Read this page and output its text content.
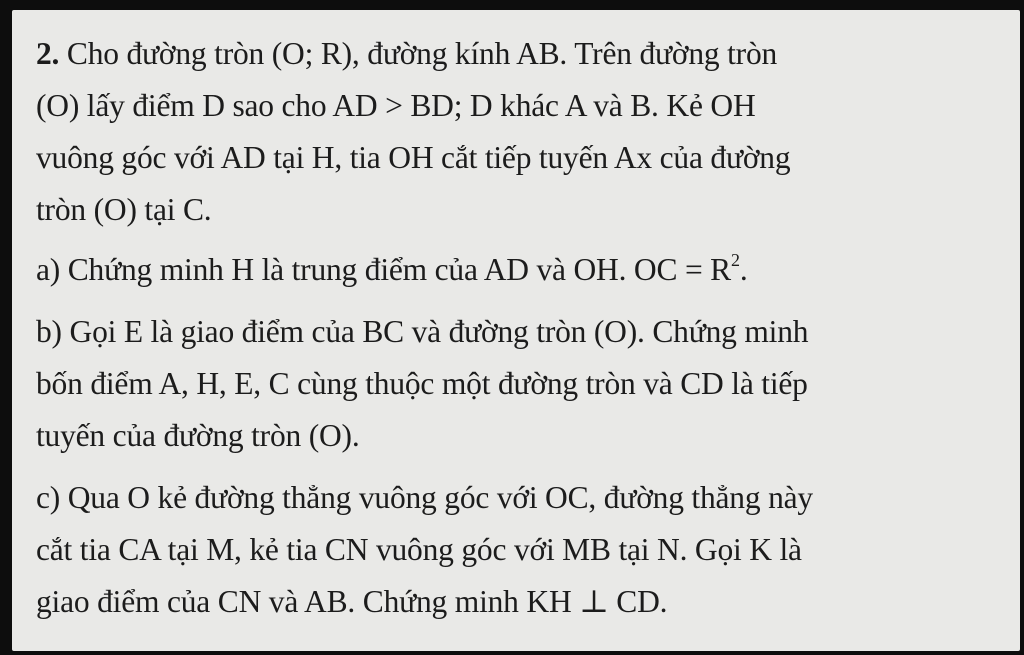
2. Cho đường tròn (O; R), đường kính AB. Trên đường tròn
(O) lấy điểm D sao cho AD > BD; D khác A và B. Kẻ OH
vuông góc với AD tại H, tia OH cắt tiếp tuyến Ax của đường
tròn (O) tại C.
a) Chứng minh H là trung điểm của AD và OH. OC = $R^2$.
b) Gọi E là giao điểm của BC và đường tròn (O). Chứng minh
bốn điểm A, H, E, C cùng thuộc một đường tròn và CD là tiếp
tuyến của đường tròn (O).
c) Qua O kẻ đường thẳng vuông góc với OC, đường thẳng này
cắt tia CA tại M, kẻ tia CN vuông góc với MB tại N. Gọi K là
giao điểm của CN và AB. Chứng minh KH ⊥ CD.
